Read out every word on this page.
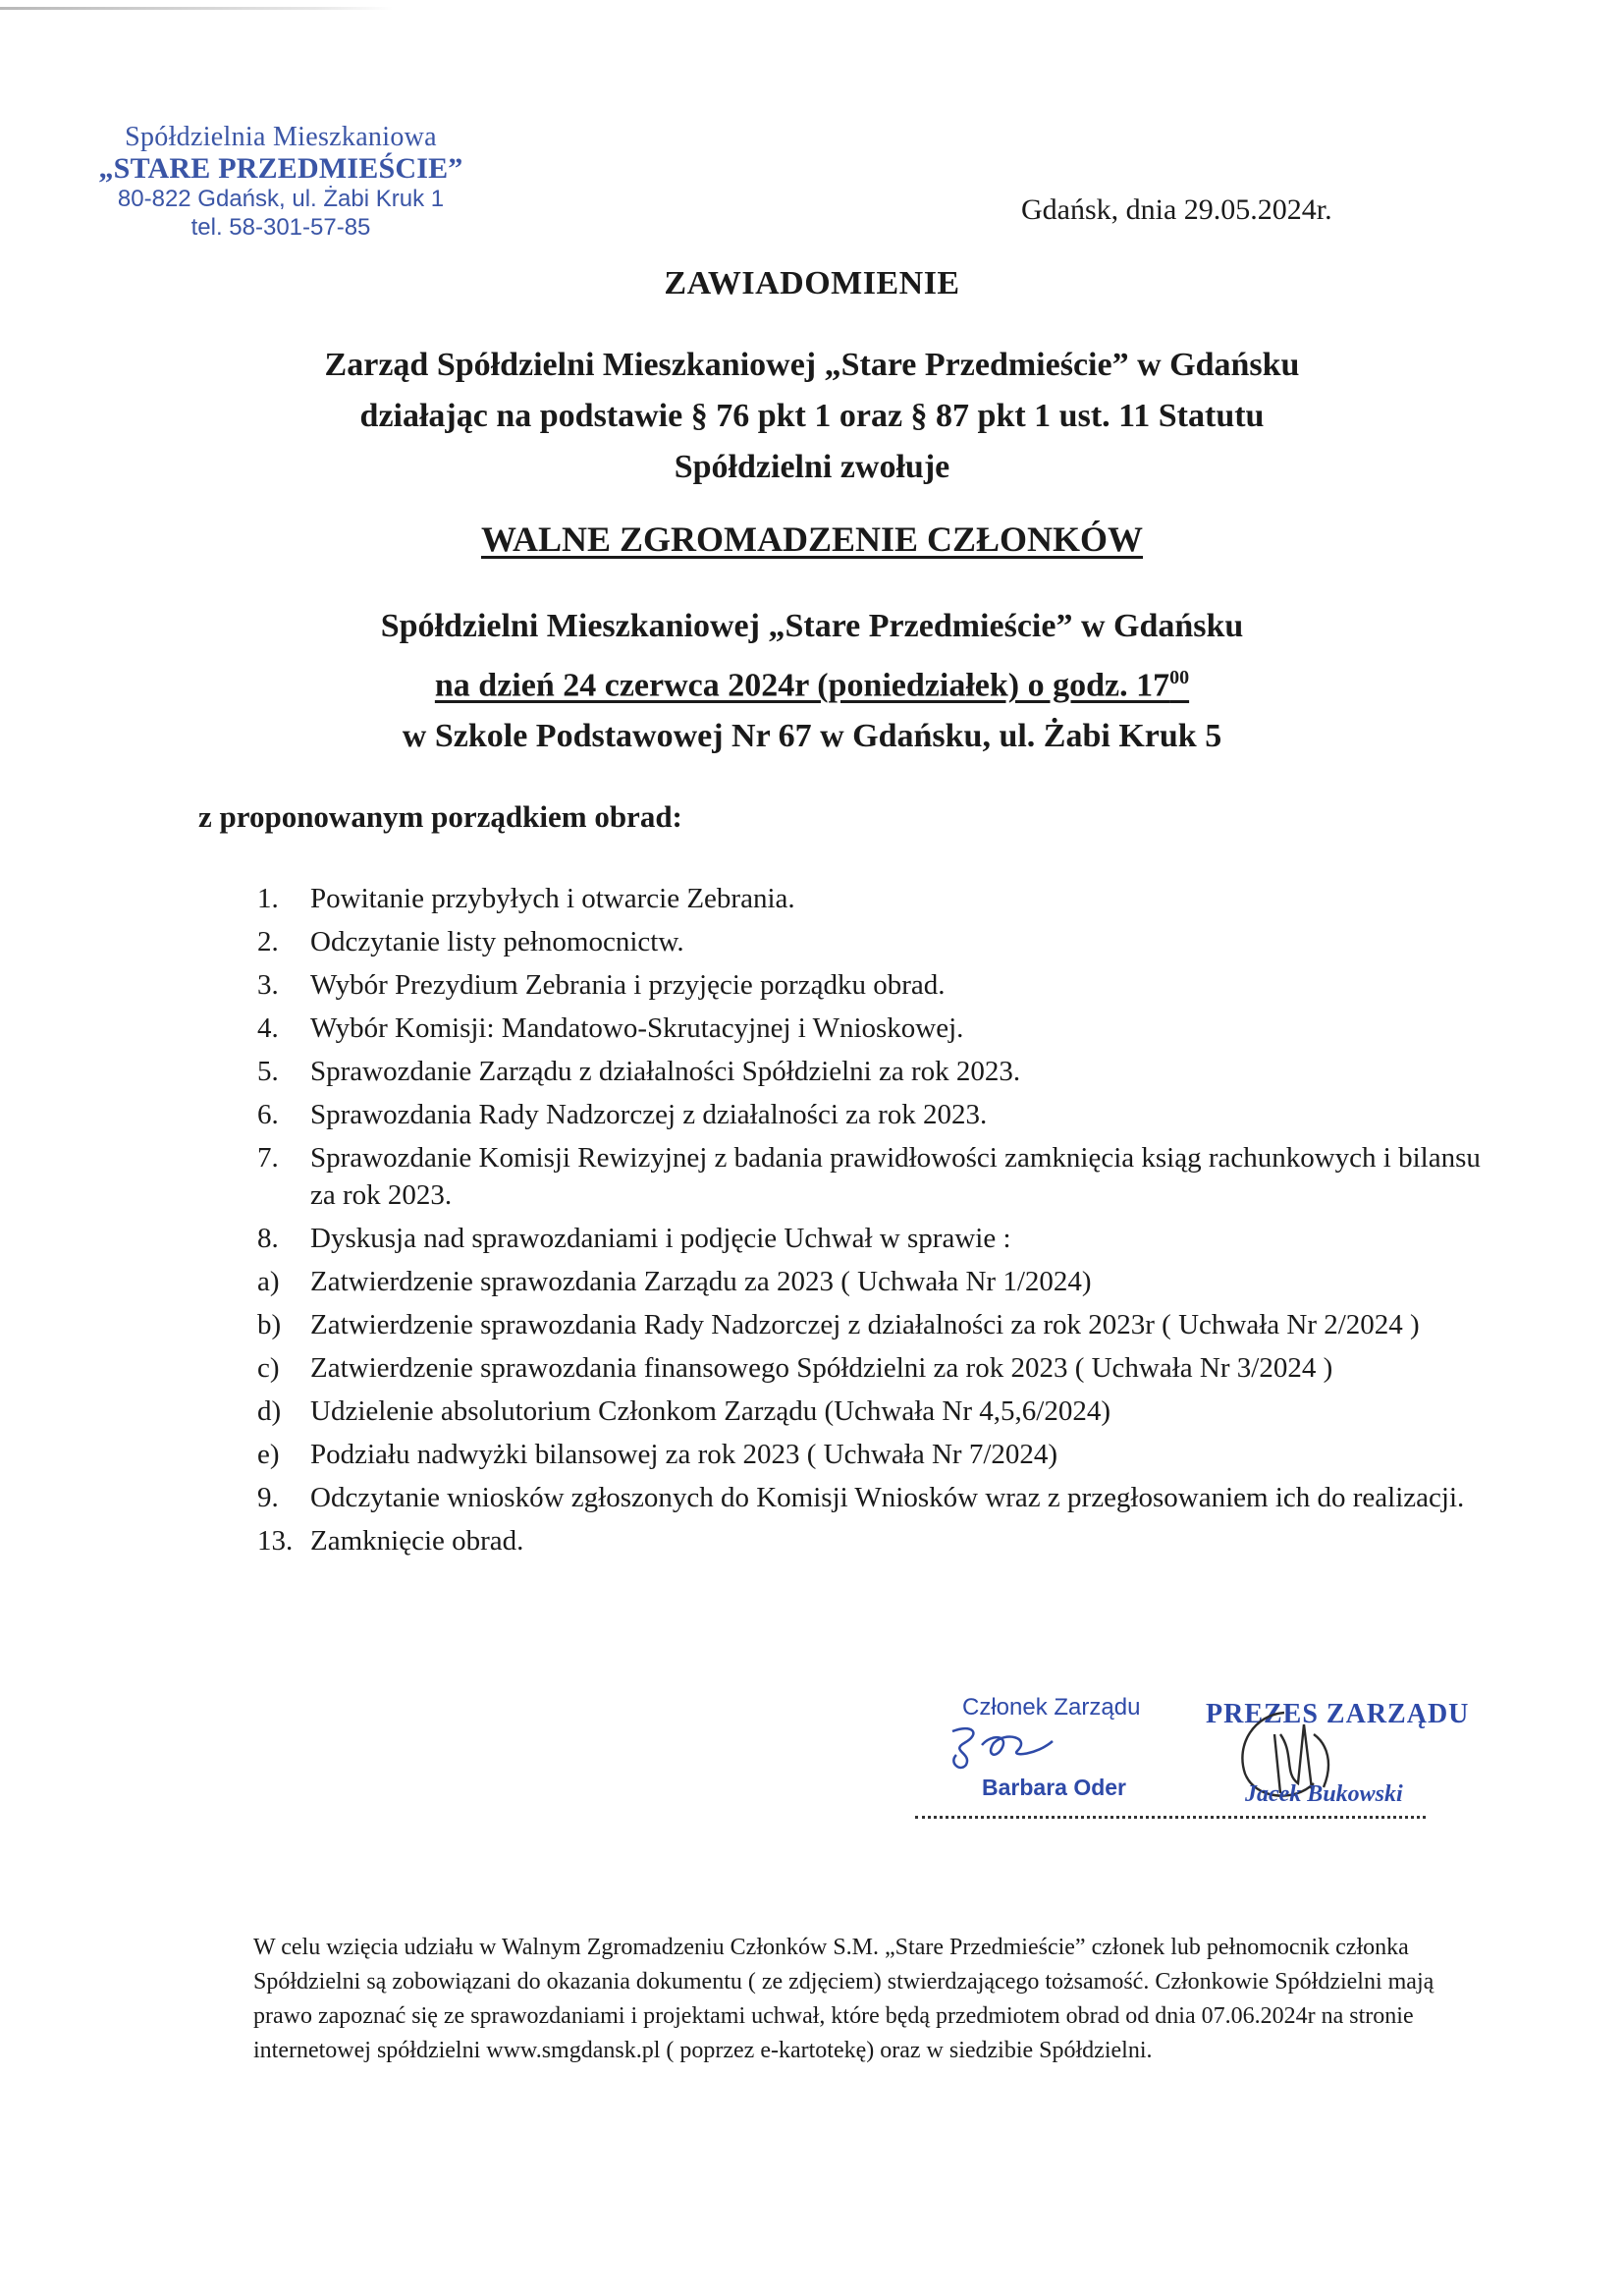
Spółdzielnia Mieszkaniowa
„STARE PRZEDMIEŚCIE”
80-822 Gdańsk, ul. Żabi Kruk 1
tel. 58-301-57-85
Gdańsk, dnia 29.05.2024r.
ZAWIADOMIENIE
Zarząd Spółdzielni Mieszkaniowej „Stare Przedmieście” w Gdańsku
działając na podstawie § 76 pkt 1 oraz § 87 pkt 1 ust. 11 Statutu
Spółdzielni zwołuje
WALNE ZGROMADZENIE CZŁONKÓW
Spółdzielni Mieszkaniowej „Stare Przedmieście” w Gdańsku
na dzień 24 czerwca 2024r (poniedziałek) o godz. $17^{00}$
w Szkole Podstawowej Nr 67 w Gdańsku, ul. Żabi Kruk 5
z proponowanym porządkiem obrad:
1.	Powitanie przybyłych i otwarcie Zebrania.
2.	Odczytanie listy pełnomocnictw.
3.	Wybór Prezydium Zebrania i przyjęcie porządku obrad.
4.	Wybór Komisji: Mandatowo-Skrutacyjnej i Wnioskowej.
5.	Sprawozdanie Zarządu z działalności Spółdzielni za rok 2023.
6.	Sprawozdania Rady Nadzorczej z działalności za rok 2023.
7.	Sprawozdanie Komisji Rewizyjnej z badania prawidłowości zamknięcia ksiąg rachunkowych i bilansu za rok 2023.
8.	Dyskusja nad sprawozdaniami i podjęcie Uchwał w sprawie :
a)	Zatwierdzenie sprawozdania Zarządu za 2023 ( Uchwała Nr 1/2024)
b)	Zatwierdzenie sprawozdania Rady Nadzorczej z działalności za rok 2023r ( Uchwała Nr 2/2024 )
c)	Zatwierdzenie sprawozdania finansowego Spółdzielni za rok 2023 ( Uchwała Nr 3/2024 )
d)	Udzielenie absolutorium Członkom Zarządu (Uchwała Nr 4,5,6/2024)
e)	Podziału nadwyżki bilansowej za rok 2023 ( Uchwała Nr 7/2024)
9.	Odczytanie wniosków zgłoszonych do Komisji Wniosków wraz z przegłosowaniem ich do realizacji.
13. Zamknięcie obrad.
Członek Zarządu
Barbara Oder
PREZES ZARZĄDU
Jacek Bukowski
W celu wzięcia udziału w Walnym Zgromadzeniu Członków S.M. „Stare Przedmieście” członek lub pełnomocnik członka Spółdzielni są zobowiązani do okazania dokumentu ( ze zdjęciem) stwierdzającego tożsamość. Członkowie Spółdzielni mają prawo zapoznać się ze sprawozdaniami i projektami uchwał, które będą przedmiotem obrad od dnia 07.06.2024r na stronie internetowej spółdzielni www.smgdansk.pl ( poprzez e-kartotekę) oraz w siedzibie Spółdzielni.
